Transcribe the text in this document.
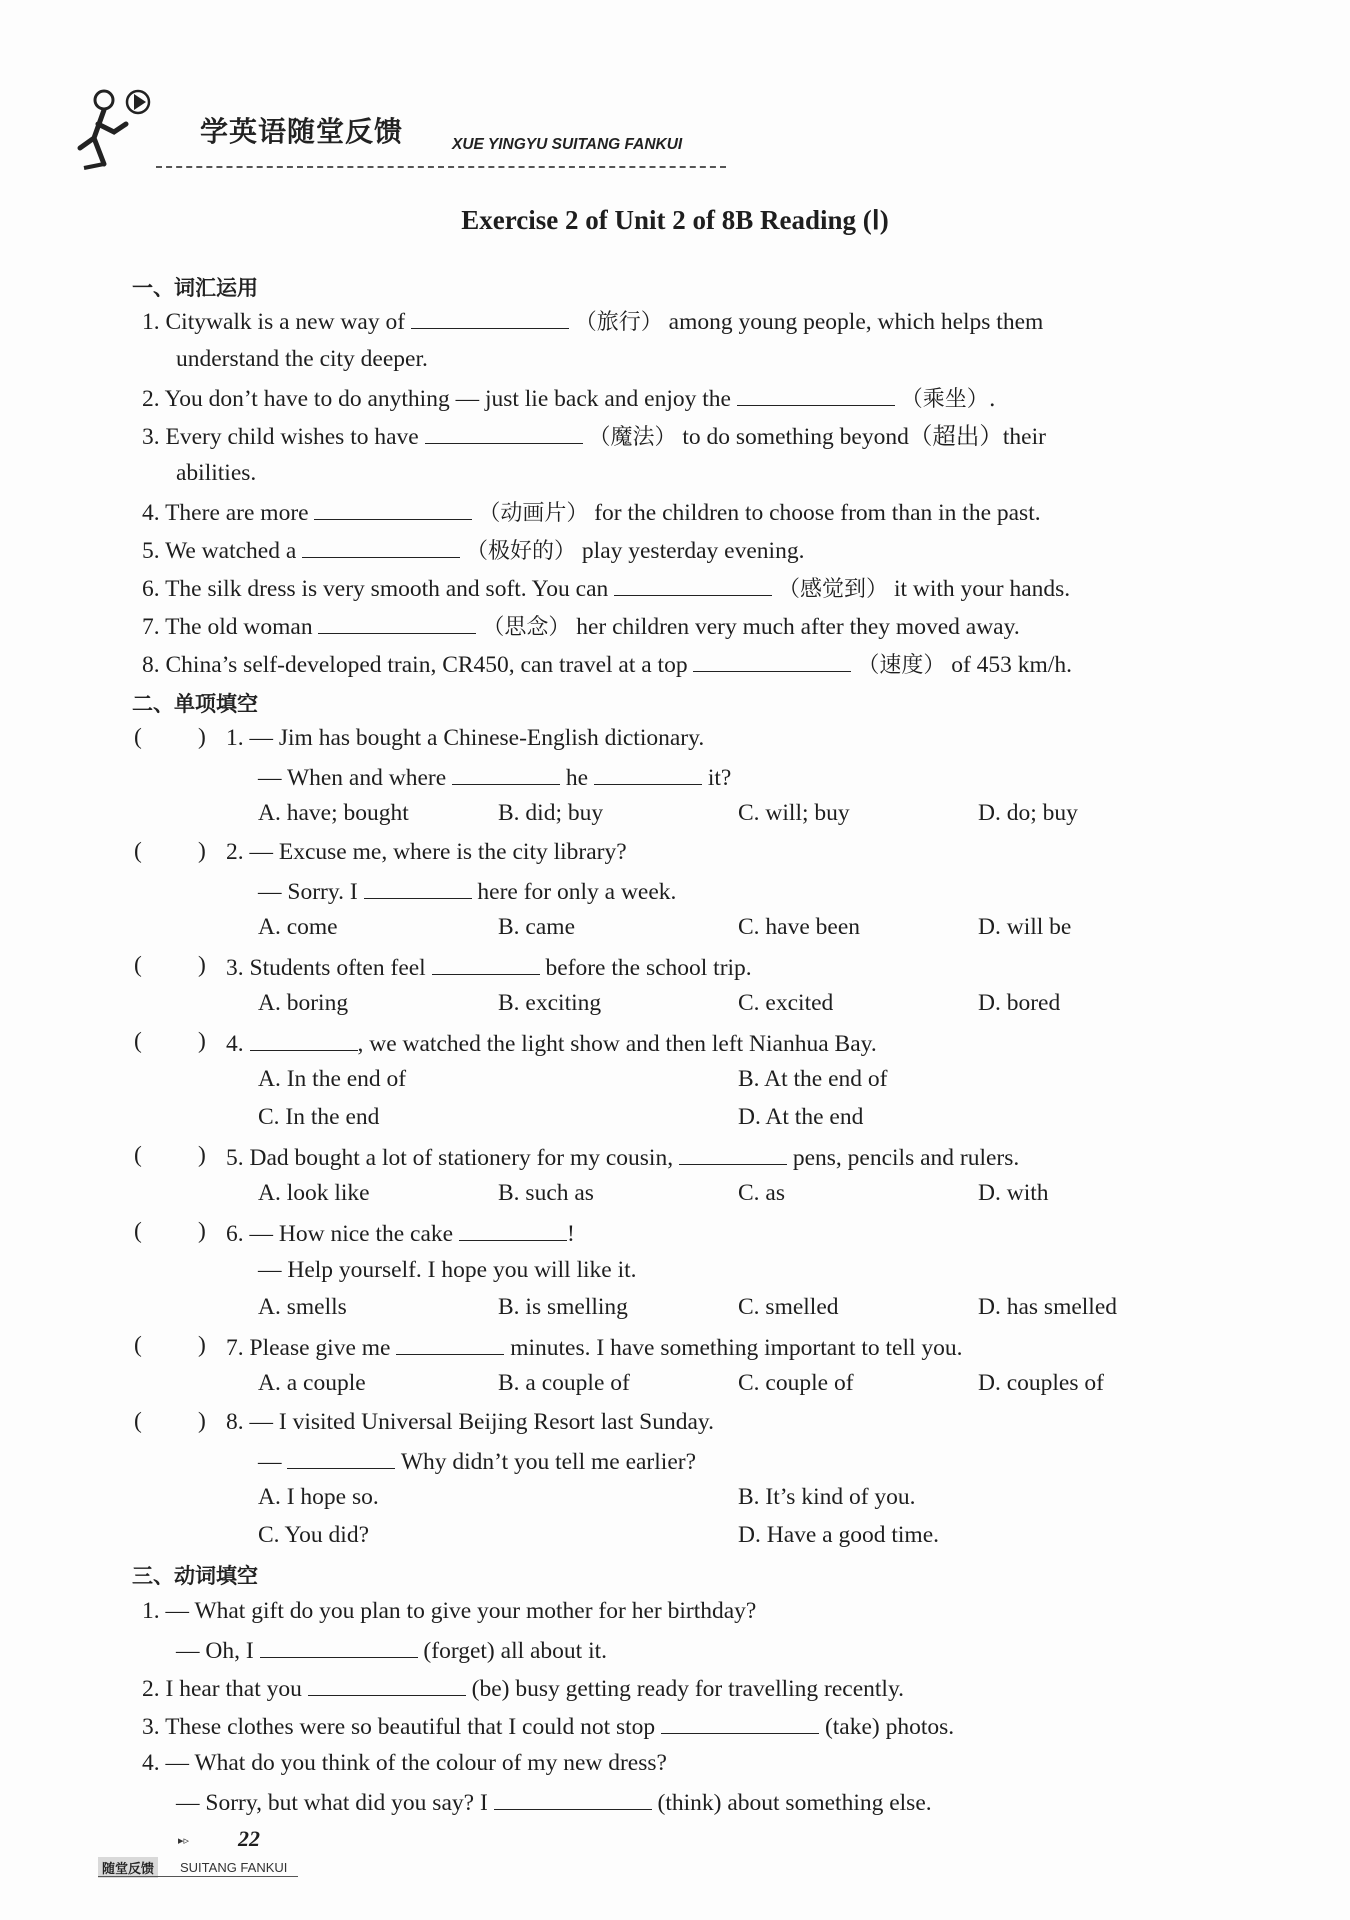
学英语随堂反馈	XUE YINGYU SUITANG FANKUI
Exercise 2 of Unit 2 of 8B Reading (Ⅰ)
一、词汇运用
1. Citywalk is a new way of	（旅行） among young people, which helps them
understand the city deeper.
2. You don’t have to do anything — just lie back and enjoy the	（乘坐）.
3. Every child wishes to have	（魔法） to do something beyond（超出）their
abilities.
4. There are more	（动画片） for the children to choose from than in the past.
5. We watched a	（极好的） play yesterday evening.
6. The silk dress is very smooth and soft. You can	（感觉到） it with your hands.
7. The old woman	（思念） her children very much after they moved away.
8. China’s self-developed train, CR450, can travel at a top	（速度） of 453 km/h.
二、单项填空
( ) 1. — Jim has bought a Chinese-English dictionary.
— When and where	he	it?
A. have; bought	B. did; buy	C. will; buy	D. do; buy
( ) 2. — Excuse me, where is the city library?
— Sorry. I	here for only a week.
A. come	B. came	C. have been	D. will be
( ) 3. Students often feel	before the school trip.
A. boring	B. exciting	C. excited	D. bored
( ) 4.	, we watched the light show and then left Nianhua Bay.
A. In the end of	B. At the end of
C. In the end	D. At the end
( ) 5. Dad bought a lot of stationery for my cousin,	pens, pencils and rulers.
A. look like	B. such as	C. as	D. with
( ) 6. — How nice the cake	!
— Help yourself. I hope you will like it.
A. smells	B. is smelling	C. smelled	D. has smelled
( ) 7. Please give me	minutes. I have something important to tell you.
A. a couple	B. a couple of	C. couple of	D. couples of
( ) 8. — I visited Universal Beijing Resort last Sunday.
—	Why didn’t you tell me earlier?
A. I hope so.	B. It’s kind of you.
C. You did?	D. Have a good time.
三、动词填空
1. — What gift do you plan to give your mother for her birthday?
— Oh, I	(forget) all about it.
2. I hear that you	(be) busy getting ready for travelling recently.
3. These clothes were so beautiful that I could not stop	(take) photos.
4. — What do you think of the colour of my new dress?
— Sorry, but what did you say? I	(think) about something else.
▸▹ 22
随堂反馈	SUITANG FANKUI
